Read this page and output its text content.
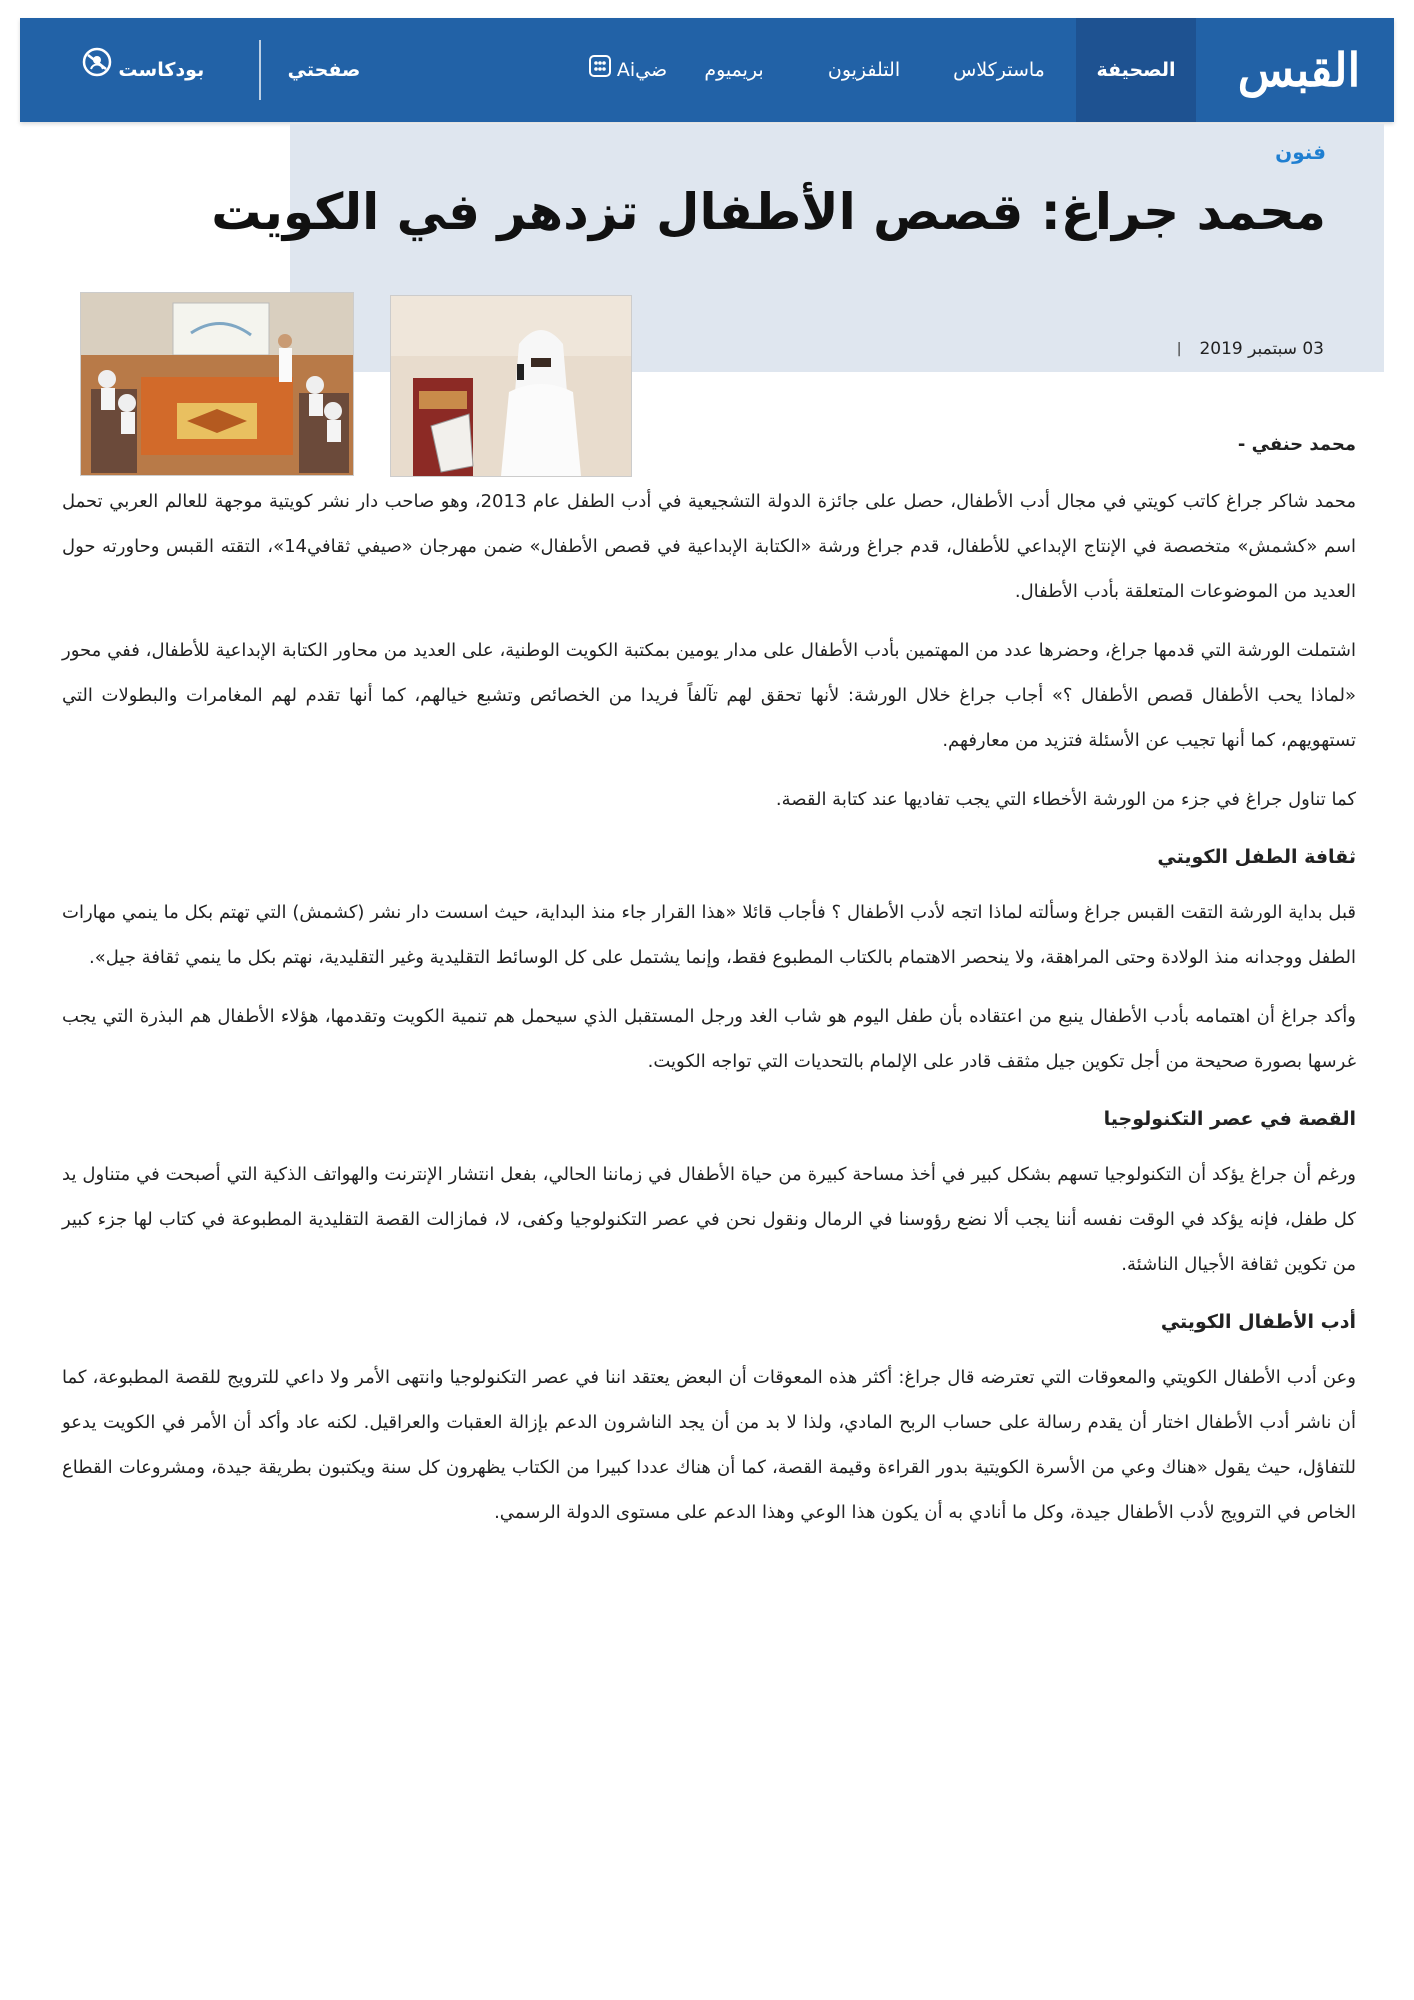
القبس
الصحيفة
ماستركلاس
التلفزيون
بريميوم
ضيAi
صفحتي
بودكاست
فنون
محمد جراغ: قصص الأطفال تزدهر في الكويت
03 سبتمبر 2019
|
محمد حنفي -

محمد شاكر جراغ كاتب كويتي في مجال أدب الأطفال، حصل على جائزة الدولة التشجيعية في أدب الطفل عام 2013، وهو صاحب دار نشر كويتية موجهة للعالم العربي تحمل اسم «كشمش» متخصصة في الإنتاج الإبداعي للأطفال، قدم جراغ ورشة «الكتابة الإبداعية في قصص الأطفال» ضمن مهرجان «صيفي ثقافي14»، التقته القبس وحاورته حول العديد من الموضوعات المتعلقة بأدب الأطفال.

اشتملت الورشة التي قدمها جراغ، وحضرها عدد من المهتمين بأدب الأطفال على مدار يومين بمكتبة الكويت الوطنية، على العديد من محاور الكتابة الإبداعية للأطفال، ففي محور «لماذا يحب الأطفال قصص الأطفال ؟» أجاب جراغ خلال الورشة: لأنها تحقق لهم تآلفاً فريدا من الخصائص وتشبع خيالهم، كما أنها تقدم لهم المغامرات والبطولات التي تستهويهم، كما أنها تجيب عن الأسئلة فتزيد من معارفهم.

كما تناول جراغ في جزء من الورشة الأخطاء التي يجب تفاديها عند كتابة القصة.

ثقافة الطفل الكويتي

قبل بداية الورشة التقت القبس جراغ وسألته لماذا اتجه لأدب الأطفال ؟ فأجاب قائلا «هذا القرار جاء منذ البداية، حيث اسست دار نشر (كشمش) التي تهتم بكل ما ينمي مهارات الطفل ووجدانه منذ الولادة وحتى المراهقة، ولا ينحصر الاهتمام بالكتاب المطبوع فقط، وإنما يشتمل على كل الوسائط التقليدية وغير التقليدية، نهتم بكل ما ينمي ثقافة جيل».

وأكد جراغ أن اهتمامه بأدب الأطفال ينبع من اعتقاده بأن طفل اليوم هو شاب الغد ورجل المستقبل الذي سيحمل هم تنمية الكويت وتقدمها، هؤلاء الأطفال هم البذرة التي يجب غرسها بصورة صحيحة من أجل تكوين جيل مثقف قادر على الإلمام بالتحديات التي تواجه الكويت.

القصة في عصر التكنولوجيا

ورغم أن جراغ يؤكد أن التكنولوجيا تسهم بشكل كبير في أخذ مساحة كبيرة من حياة الأطفال في زماننا الحالي، بفعل انتشار الإنترنت والهواتف الذكية التي أصبحت في متناول يد كل طفل، فإنه يؤكد في الوقت نفسه أننا يجب ألا نضع رؤوسنا في الرمال ونقول نحن في عصر التكنولوجيا وكفى، لا، فمازالت القصة التقليدية المطبوعة في كتاب لها جزء كبير من تكوين ثقافة الأجيال الناشئة.

أدب الأطفال الكويتي

وعن أدب الأطفال الكويتي والمعوقات التي تعترضه قال جراغ: أكثر هذه المعوقات أن البعض يعتقد اننا في عصر التكنولوجيا وانتهى الأمر ولا داعي للترويج للقصة المطبوعة، كما أن ناشر أدب الأطفال اختار أن يقدم رسالة على حساب الربح المادي، ولذا لا بد من أن يجد الناشرون الدعم بإزالة العقبات والعراقيل. لكنه عاد وأكد أن الأمر في الكويت يدعو للتفاؤل، حيث يقول «هناك وعي من الأسرة الكويتية بدور القراءة وقيمة القصة، كما أن هناك عددا كبيرا من الكتاب يظهرون كل سنة ويكتبون بطريقة جيدة، ومشروعات القطاع الخاص في الترويج لأدب الأطفال جيدة، وكل ما أنادي به أن يكون هذا الوعي وهذا الدعم على مستوى الدولة الرسمي.
